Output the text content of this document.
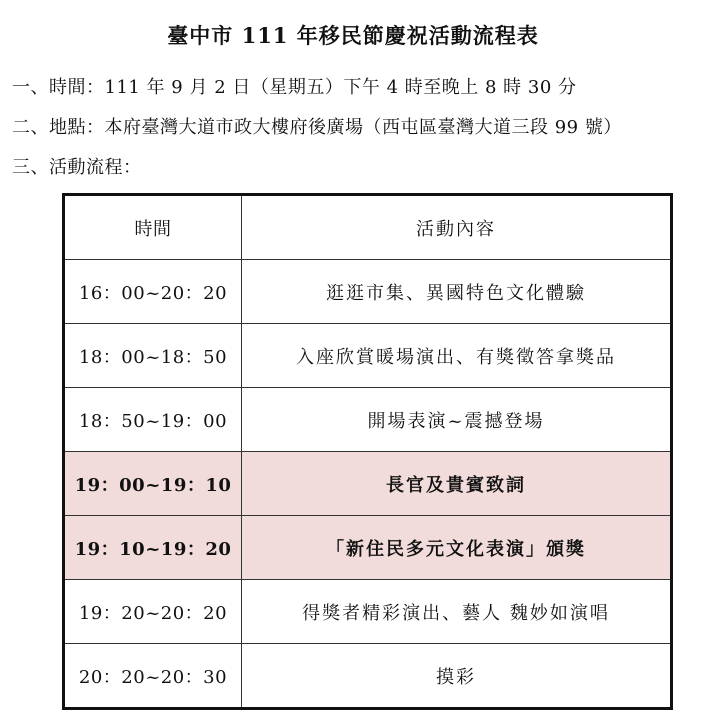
臺中市 111 年移民節慶祝活動流程表
一、時間：111 年 9 月 2 日（星期五）下午 4 時至晚上 8 時 30 分
二、地點：本府臺灣大道市政大樓府後廣場（西屯區臺灣大道三段 99 號）
三、活動流程：
時間	活動內容
16：00~20：20	逛逛市集、異國特色文化體驗
18：00~18：50	入座欣賞暖場演出、有獎徵答拿獎品
18：50~19：00	開場表演~震撼登場
19：00~19：10	長官及貴賓致詞
19：10~19：20	「新住民多元文化表演」頒獎
19：20~20：20	得獎者精彩演出、藝人 魏妙如演唱
20：20~20：30	摸彩
